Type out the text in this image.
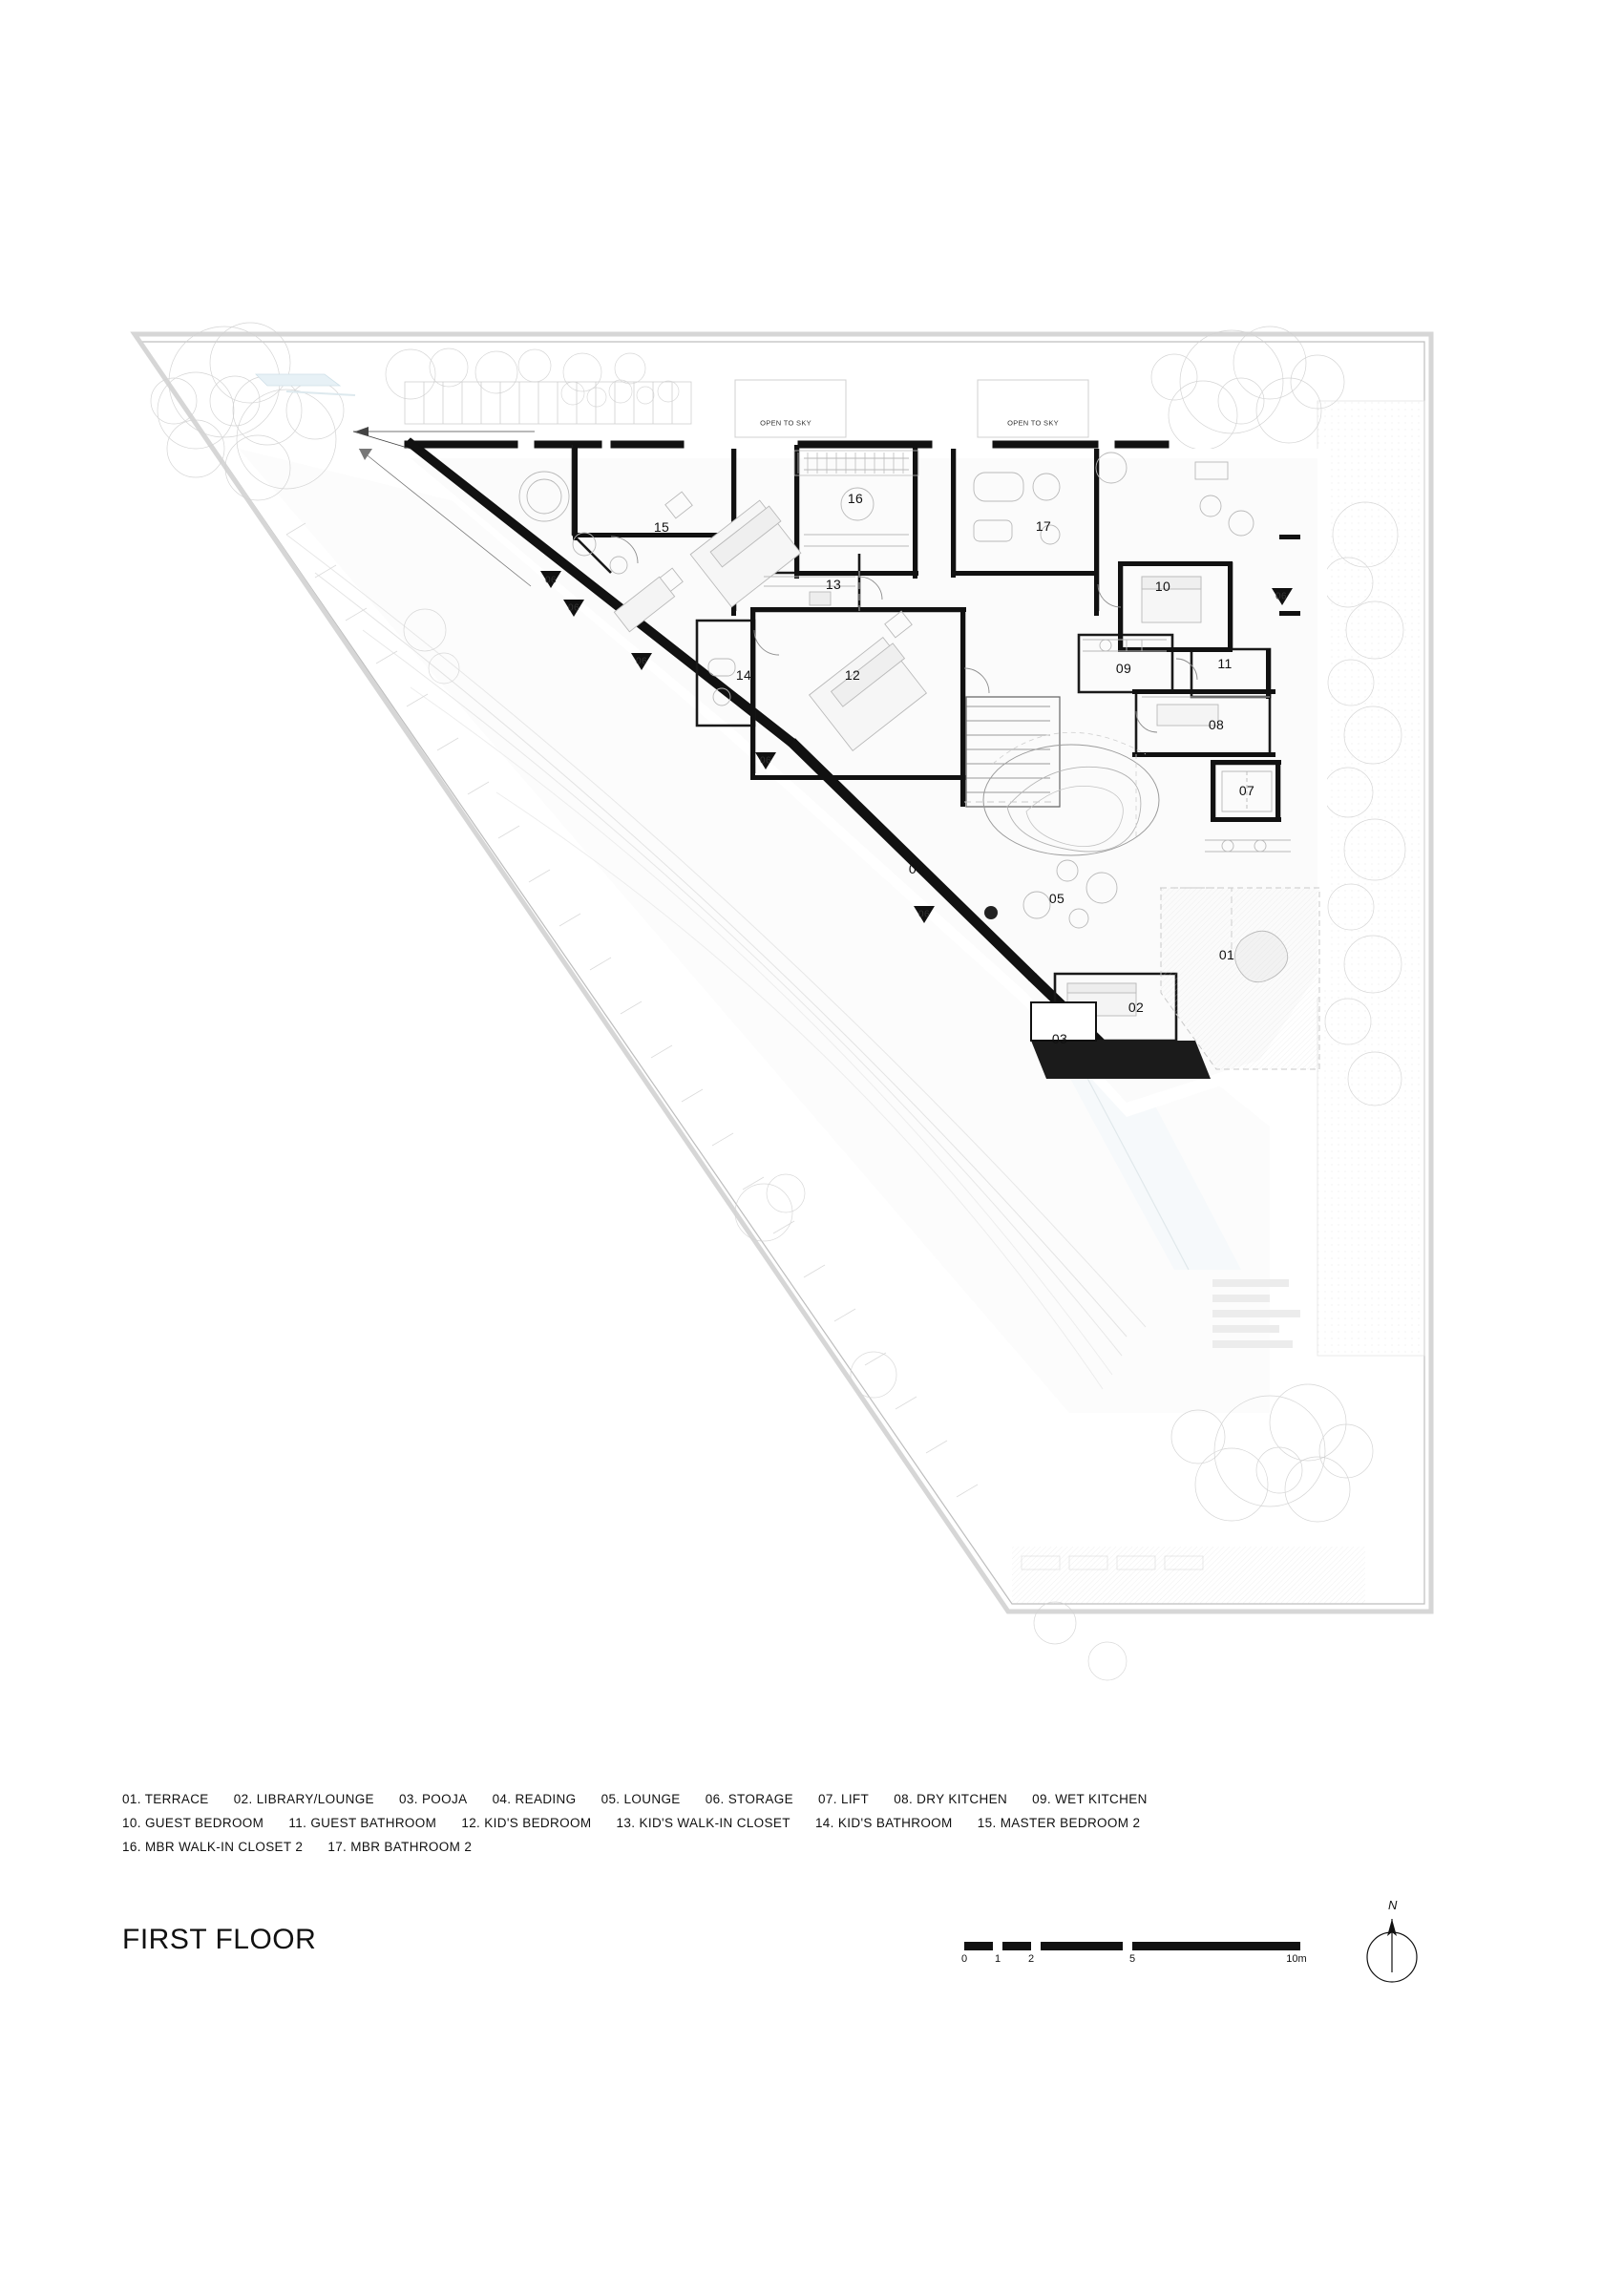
15
16
17
13	10
14	12	09	11
08
07
04
05
01
02
03
06
06
06
06
06
06
OPEN TO SKY	OPEN TO SKY
01. TERRACE 02. LIBRARY/LOUNGE 03. POOJA 04. READING 05. LOUNGE 06. STORAGE 07. LIFT 08. DRY KITCHEN 09. WET KITCHEN
10. GUEST BEDROOM 11. GUEST BATHROOM 12. KID'S BEDROOM 13. KID'S WALK-IN CLOSET 14. KID'S BATHROOM 15. MASTER BEDROOM 2
16. MBR WALK-IN CLOSET 2 17. MBR BATHROOM 2
FIRST FLOOR
0	1	2	5	10m
N
